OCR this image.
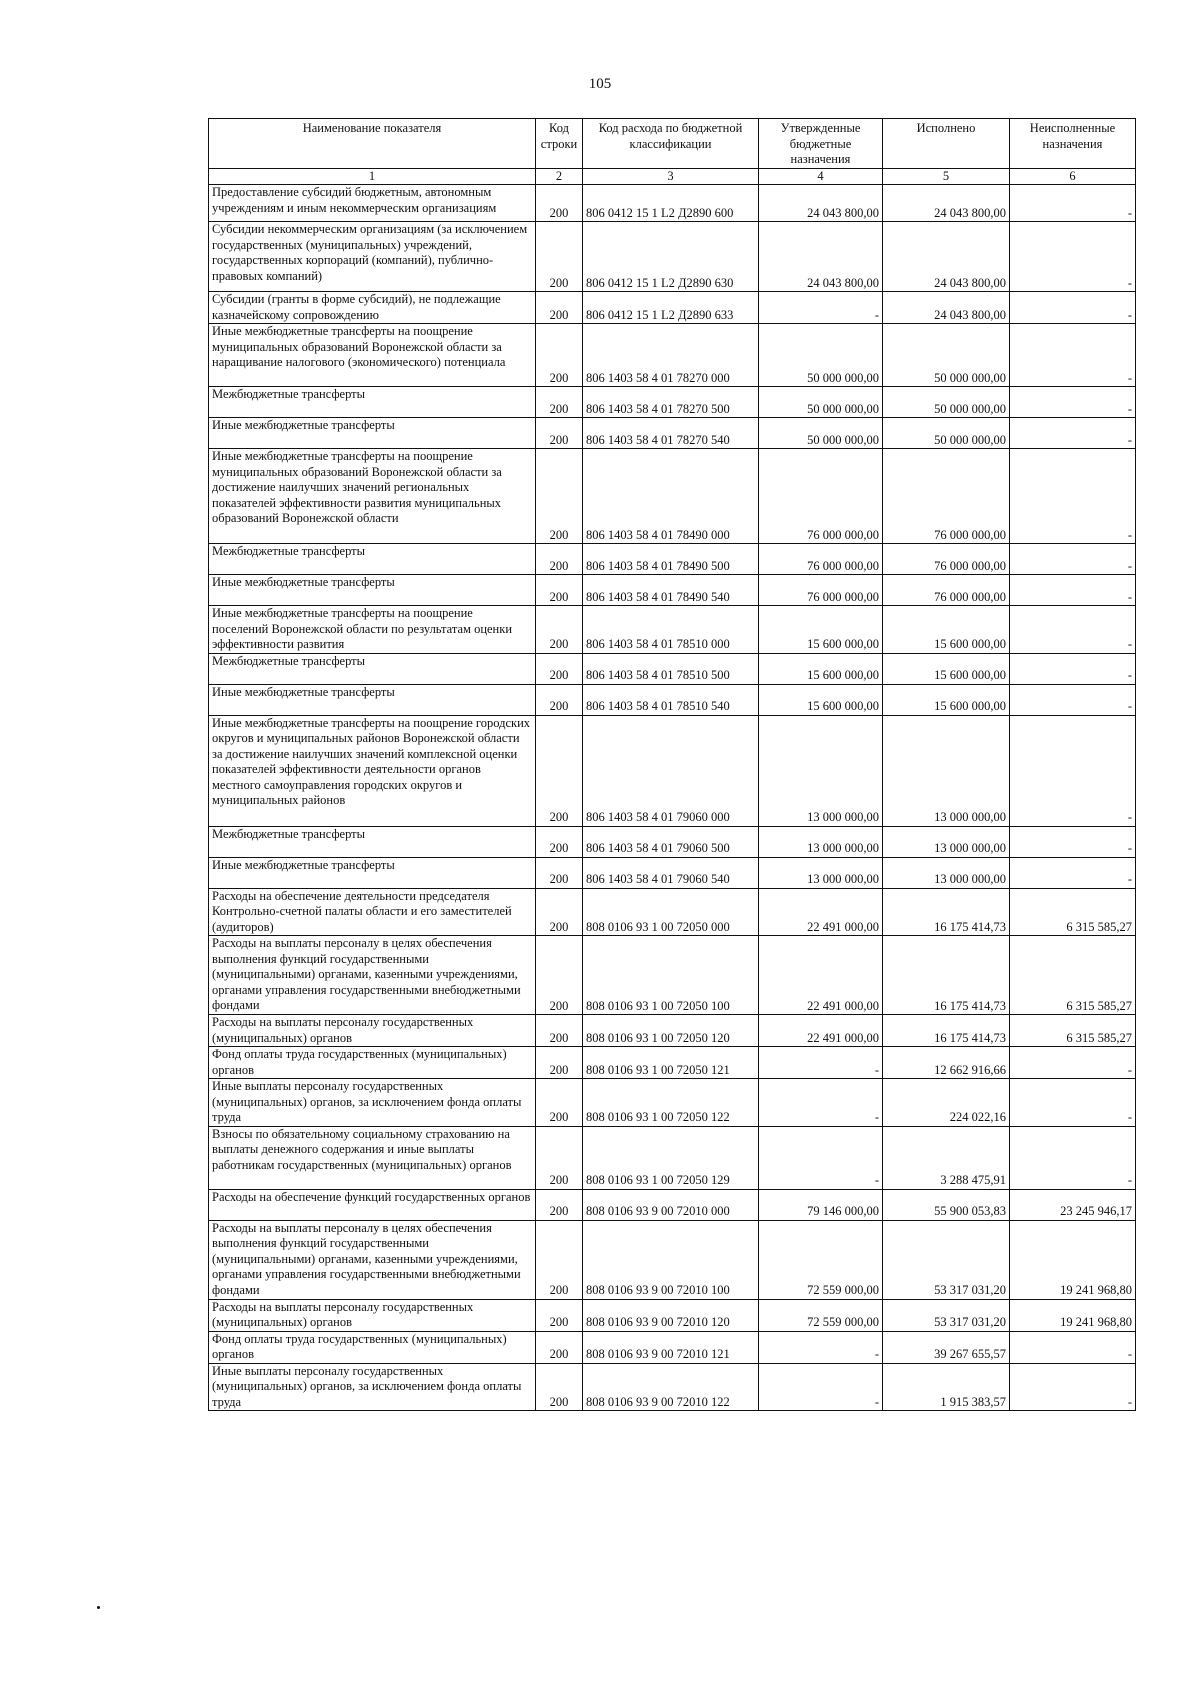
105
Наименование показателя	Код строки	Код расхода по бюджетной классификации	Утвержденные бюджетные назначения	Исполнено	Неисполненные назначения
1	2	3	4	5	6
Предоставление субсидий бюджетным, автономным учреждениям и иным некоммерческим организациям	200	806 0412 15 1 L2 Д2890 600	24 043 800,00	24 043 800,00	-
Субсидии некоммерческим организациям (за исключением государственных (муниципальных) учреждений, государственных корпораций (компаний), публично-правовых компаний)	200	806 0412 15 1 L2 Д2890 630	24 043 800,00	24 043 800,00	-
Субсидии (гранты в форме субсидий), не подлежащие казначейскому сопровождению	200	806 0412 15 1 L2 Д2890 633	-	24 043 800,00	-
Иные межбюджетные трансферты на поощрение муниципальных образований Воронежской области за наращивание налогового (экономического) потенциала	200	806 1403 58 4 01 78270 000	50 000 000,00	50 000 000,00	-
Межбюджетные трансферты	200	806 1403 58 4 01 78270 500	50 000 000,00	50 000 000,00	-
Иные межбюджетные трансферты	200	806 1403 58 4 01 78270 540	50 000 000,00	50 000 000,00	-
Иные межбюджетные трансферты на поощрение муниципальных образований Воронежской области за достижение наилучших значений региональных показателей эффективности развития муниципальных образований Воронежской области	200	806 1403 58 4 01 78490 000	76 000 000,00	76 000 000,00	-
Межбюджетные трансферты	200	806 1403 58 4 01 78490 500	76 000 000,00	76 000 000,00	-
Иные межбюджетные трансферты	200	806 1403 58 4 01 78490 540	76 000 000,00	76 000 000,00	-
Иные межбюджетные трансферты на поощрение поселений Воронежской области по результатам оценки эффективности развития	200	806 1403 58 4 01 78510 000	15 600 000,00	15 600 000,00	-
Межбюджетные трансферты	200	806 1403 58 4 01 78510 500	15 600 000,00	15 600 000,00	-
Иные межбюджетные трансферты	200	806 1403 58 4 01 78510 540	15 600 000,00	15 600 000,00	-
Иные межбюджетные трансферты на поощрение городских округов и муниципальных районов Воронежской области за достижение наилучших значений комплексной оценки показателей эффективности деятельности органов местного самоуправления городских округов и муниципальных районов	200	806 1403 58 4 01 79060 000	13 000 000,00	13 000 000,00	-
Межбюджетные трансферты	200	806 1403 58 4 01 79060 500	13 000 000,00	13 000 000,00	-
Иные межбюджетные трансферты	200	806 1403 58 4 01 79060 540	13 000 000,00	13 000 000,00	-
Расходы на обеспечение деятельности председателя Контрольно-счетной палаты области и его заместителей (аудиторов)	200	808 0106 93 1 00 72050 000	22 491 000,00	16 175 414,73	6 315 585,27
Расходы на выплаты персоналу в целях обеспечения выполнения функций государственными (муниципальными) органами, казенными учреждениями, органами управления государственными внебюджетными фондами	200	808 0106 93 1 00 72050 100	22 491 000,00	16 175 414,73	6 315 585,27
Расходы на выплаты персоналу государственных (муниципальных) органов	200	808 0106 93 1 00 72050 120	22 491 000,00	16 175 414,73	6 315 585,27
Фонд оплаты труда государственных (муниципальных) органов	200	808 0106 93 1 00 72050 121	-	12 662 916,66	-
Иные выплаты персоналу государственных (муниципальных) органов, за исключением фонда оплаты труда	200	808 0106 93 1 00 72050 122	-	224 022,16	-
Взносы по обязательному социальному страхованию на выплаты денежного содержания и иные выплаты работникам государственных (муниципальных) органов	200	808 0106 93 1 00 72050 129	-	3 288 475,91	-
Расходы на обеспечение функций государственных органов	200	808 0106 93 9 00 72010 000	79 146 000,00	55 900 053,83	23 245 946,17
Расходы на выплаты персоналу в целях обеспечения выполнения функций государственными (муниципальными) органами, казенными учреждениями, органами управления государственными внебюджетными фондами	200	808 0106 93 9 00 72010 100	72 559 000,00	53 317 031,20	19 241 968,80
Расходы на выплаты персоналу государственных (муниципальных) органов	200	808 0106 93 9 00 72010 120	72 559 000,00	53 317 031,20	19 241 968,80
Фонд оплаты труда государственных (муниципальных) органов	200	808 0106 93 9 00 72010 121	-	39 267 655,57	-
Иные выплаты персоналу государственных (муниципальных) органов, за исключением фонда оплаты труда	200	808 0106 93 9 00 72010 122	-	1 915 383,57	-
